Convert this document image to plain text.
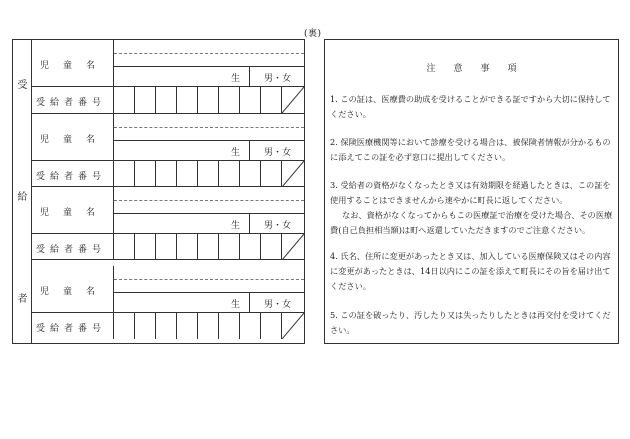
(裏)
受
給
者
児童名
生	男・女
受給者番号
児童名
生	男・女
受給者番号
児童名
生	男・女
受給者番号
児童名
生	男・女
受給者番号
注意事項
1. この証は、医療費の助成を受けることができる証ですから大切に保持してください。
2. 保険医療機関等において診療を受ける場合は、被保険者情報が分かるものに添えてこの証を必ず窓口に提出してください。
3. 受給者の資格がなくなったとき又は有効期限を経過したときは、この証を使用することはできませんから速やかに町長に返してください。
なお、資格がなくなってからもこの医療証で治療を受けた場合、その医療費(自己負担相当額)は町へ返還していただきますのでご注意ください。
4. 氏名、住所に変更があったとき又は、加入している医療保険又はその内容に変更があったときは、14日以内にこの証を添えて町長にその旨を届け出てください。
5. この証を破ったり、汚したり又は失ったりしたときは再交付を受けてください。
